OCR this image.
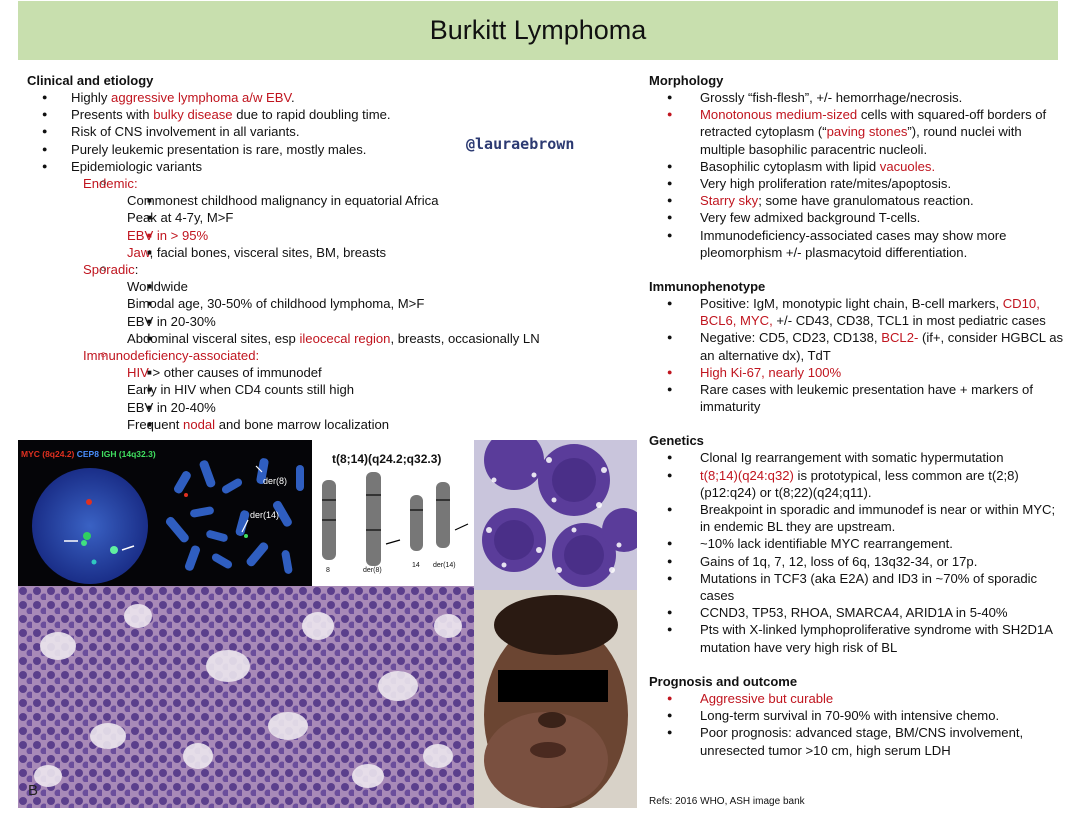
Burkitt Lymphoma
@lauraebrown
Clinical and etiology
● Highly aggressive lymphoma a/w EBV.
● Presents with bulky disease due to rapid doubling time.
● Risk of CNS involvement in all variants.
● Purely leukemic presentation is rare, mostly males.
● Epidemiologic variants
○ Endemic:
■ Commonest childhood malignancy in equatorial Africa
■ Peak at 4-7y, M>F
■ EBV in > 95%
■ Jaw, facial bones, visceral sites, BM, breasts
○ Sporadic:
■ Worldwide
■ Bimodal age, 30-50% of childhood lymphoma, M>F
■ EBV in 20-30%
■ Abdominal visceral sites, esp ileocecal region, breasts, occasionally LN
○ Immunodeficiency-associated:
■ HIV > other causes of immunodef
■ Early in HIV when CD4 counts still high
■ EBV in 20-40%
■ Frequent nodal and bone marrow localization
Morphology
● Grossly “fish-flesh”, +/- hemorrhage/necrosis.
● Monotonous medium-sized cells with squared-off borders of retracted cytoplasm (“paving stones”), round nuclei with multiple basophilic paracentric nucleoli.
● Basophilic cytoplasm with lipid vacuoles.
● Very high proliferation rate/mites/apoptosis.
● Starry sky; some have granulomatous reaction.
● Very few admixed background T-cells.
● Immunodeficiency-associated cases may show more pleomorphism +/- plasmacytoid differentiation.
Immunophenotype
● Positive: IgM, monotypic light chain, B-cell markers, CD10, BCL6, MYC, +/- CD43, CD38, TCL1 in most pediatric cases
● Negative: CD5, CD23, CD138, BCL2- (if+, consider HGBCL as an alternative dx), TdT
● High Ki-67, nearly 100%
● Rare cases with leukemic presentation have + markers of immaturity
Genetics
● Clonal Ig rearrangement with somatic hypermutation
● t(8;14)(q24:q32) is prototypical, less common are t(2;8)(p12:q24) or t(8;22)(q24;q11).
● Breakpoint in sporadic and immunodef is near or within MYC; in endemic BL they are upstream.
● ~10% lack identifiable MYC rearrangement.
● Gains of 1q, 7, 12, loss of 6q, 13q32-34, or 17p.
● Mutations in TCF3 (aka E2A) and ID3 in ~70% of sporadic cases
● CCND3, TP53, RHOA, SMARCA4, ARID1A in 5-40%
● Pts with X-linked lymphoproliferative syndrome with SH2D1A mutation have very high risk of BL
Prognosis and outcome
● Aggressive but curable
● Long-term survival in 70-90% with intensive chemo.
● Poor prognosis: advanced stage, BM/CNS involvement, unresected tumor >10 cm, high serum LDH
Refs: 2016 WHO, ASH image bank
MYC (8q24.2) CEP8 IGH (14q32.3)
der(8)
der(14)
t(8;14)(q24.2;q32.3)
8	der(8)
14 der(14)
B
